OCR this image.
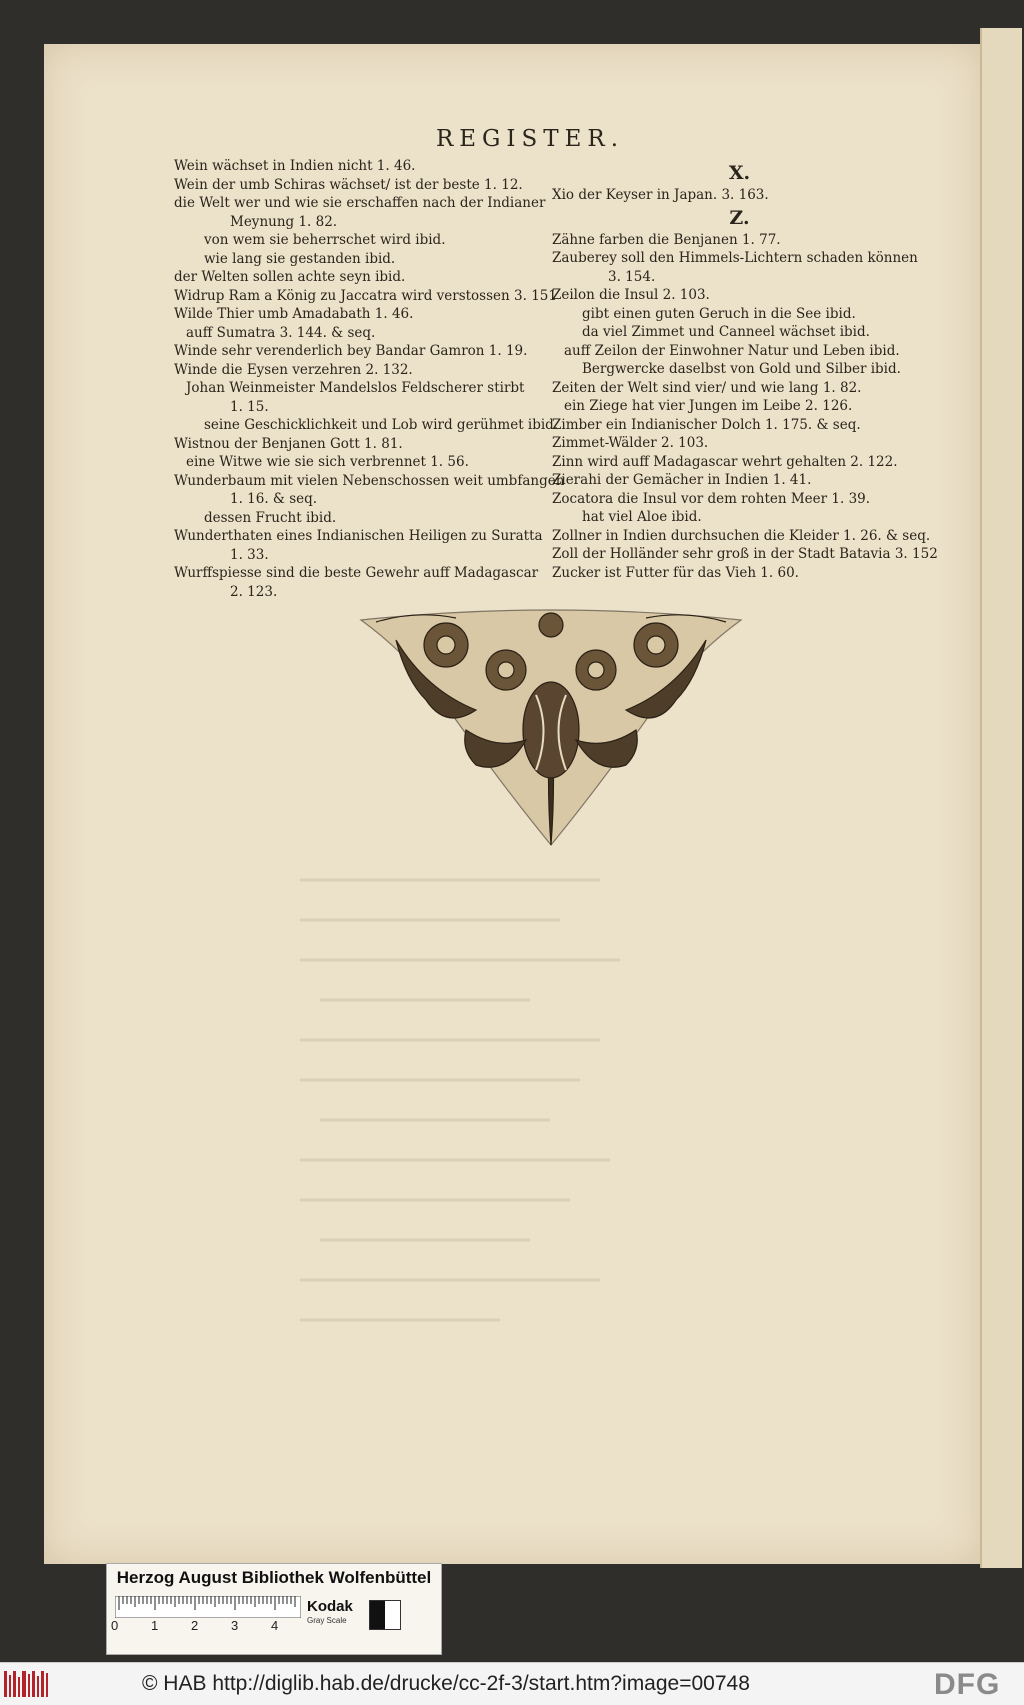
REGISTER.
Wein wächset in Indien nicht 1. 46.
Wein der umb Schiras wächset/ ist der beste 1. 12.
die Welt wer und wie sie erschaffen nach der Indianer
Meynung 1. 82.
von wem sie beherrschet wird ibid.
wie lang sie gestanden ibid.
der Welten sollen achte seyn ibid.
Widrup Ram a König zu Jaccatra wird verstossen 3. 151
Wilde Thier umb Amadabath 1. 46.
auff Sumatra 3. 144. & seq.
Winde sehr verenderlich bey Bandar Gamron 1. 19.
Winde die Eysen verzehren 2. 132.
Johan Weinmeister Mandelslos Feldscherer stirbt
1. 15.
seine Geschicklichkeit und Lob wird gerühmet ibid.
Wistnou der Benjanen Gott 1. 81.
eine Witwe wie sie sich verbrennet 1. 56.
Wunderbaum mit vielen Nebenschossen weit umbfangen
1. 16. & seq.
dessen Frucht ibid.
Wunderthaten eines Indianischen Heiligen zu Suratta
1. 33.
Wurffspiesse sind die beste Gewehr auff Madagascar
2. 123.
X.
Xio der Keyser in Japan. 3. 163.
Z.
Zähne farben die Benjanen 1. 77.
Zauberey soll den Himmels-Lichtern schaden können
3. 154.
Zeilon die Insul 2. 103.
gibt einen guten Geruch in die See ibid.
da viel Zimmet und Canneel wächset ibid.
auff Zeilon der Einwohner Natur und Leben ibid.
Bergwercke daselbst von Gold und Silber ibid.
Zeiten der Welt sind vier/ und wie lang 1. 82.
ein Ziege hat vier Jungen im Leibe 2. 126.
Zimber ein Indianischer Dolch 1. 175. & seq.
Zimmet-Wälder 2. 103.
Zinn wird auff Madagascar wehrt gehalten 2. 122.
Zierahi der Gemächer in Indien 1. 41.
Zocatora die Insul vor dem rohten Meer 1. 39.
hat viel Aloe ibid.
Zollner in Indien durchsuchen die Kleider 1. 26. & seq.
Zoll der Holländer sehr groß in der Stadt Batavia 3. 152
Zucker ist Futter für das Vieh 1. 60.
Herzog August Bibliothek Wolfenbüttel
0	1	2	3	4
Kodak
Gray Scale
© HAB http://diglib.hab.de/drucke/cc-2f-3/start.htm?image=00748	DFG
